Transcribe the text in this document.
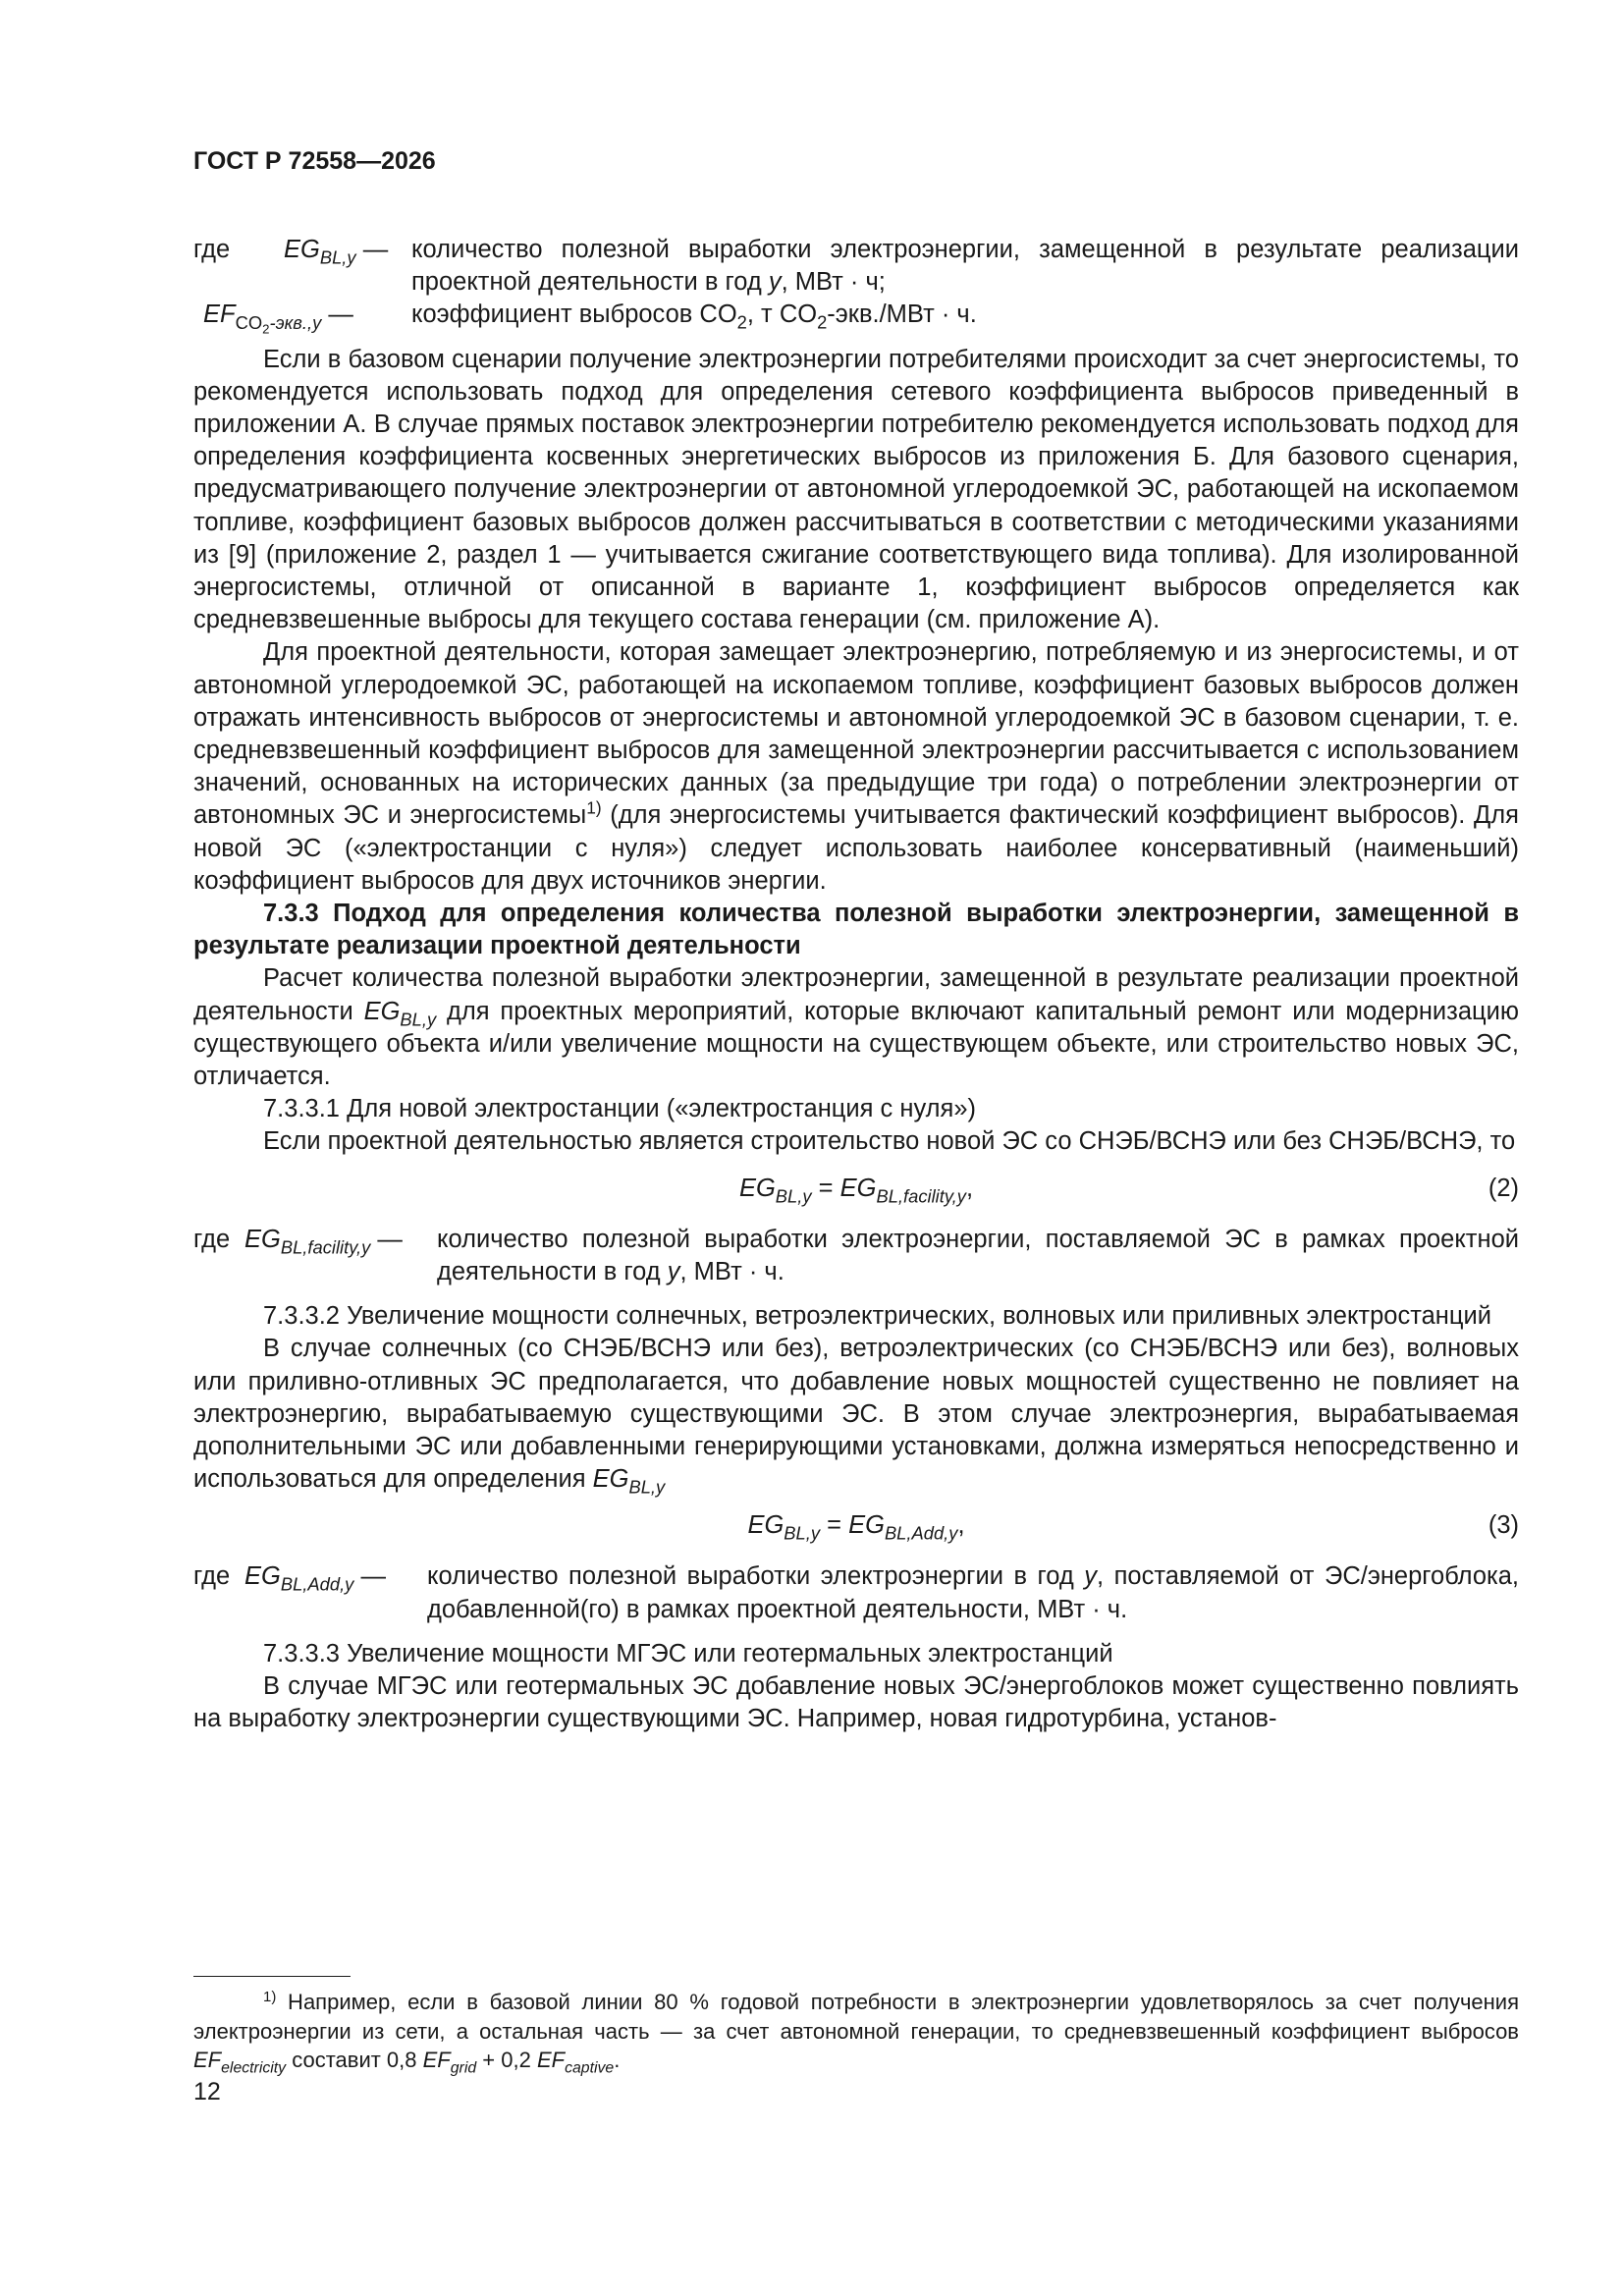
ГОСТ Р 72558—2026
где	$EG_{BL,y}$ — количество полезной выработки электроэнергии, замещенной в результате реализации проектной деятельности в год y, МВт · ч;
$EF_{CO_2-экв.,y}$ —	коэффициент выбросов $CO_2$, т $CO_2-экв$./МВт · ч.

Если в базовом сценарии получение электроэнергии потребителями происходит за счет энергосистемы, то рекомендуется использовать подход для определения сетевого коэффициента выбросов приведенный в приложении А. В случае прямых поставок электроэнергии потребителю рекомендуется использовать подход для определения коэффициента косвенных энергетических выбросов из приложения Б. Для базового сценария, предусматривающего получение электроэнергии от автономной углеродоемкой ЭС, работающей на ископаемом топливе, коэффициент базовых выбросов должен рассчитываться в соответствии с методическими указаниями из [9] (приложение 2, раздел 1 — учитывается сжигание соответствующего вида топлива). Для изолированной энергосистемы, отличной от описанной в варианте 1, коэффициент выбросов определяется как средневзвешенные выбросы для текущего состава генерации (см. приложение А).

Для проектной деятельности, которая замещает электроэнергию, потребляемую и из энергосистемы, и от автономной углеродоемкой ЭС, работающей на ископаемом топливе, коэффициент базовых выбросов должен отражать интенсивность выбросов от энергосистемы и автономной углеродоемкой ЭС в базовом сценарии, т. е. средневзвешенный коэффициент выбросов для замещенной электроэнергии рассчитывается с использованием значений, основанных на исторических данных (за предыдущие три года) о потреблении электроэнергии от автономных ЭС и энергосистемы$^{1)}$ (для энергосистемы учитывается фактический коэффициент выбросов). Для новой ЭС («электростанции с нуля») следует использовать наиболее консервативный (наименьший) коэффициент выбросов для двух источников энергии.

7.3.3 Подход для определения количества полезной выработки электроэнергии, замещенной в результате реализации проектной деятельности

Расчет количества полезной выработки электроэнергии, замещенной в результате реализации проектной деятельности $EG_{BL,y}$ для проектных мероприятий, которые включают капитальный ремонт или модернизацию существующего объекта и/или увеличение мощности на существующем объекте, или строительство новых ЭС, отличается.

7.3.3.1 Для новой электростанции («электростанция с нуля»)

Если проектной деятельностью является строительство новой ЭС со СНЭБ/ВСНЭ или без СНЭБ/ВСНЭ, то

$EG_{BL,y} = EG_{BL,facility,y}$,	(2)
где $EG_{BL,facility,y}$ —	количество полезной выработки электроэнергии, поставляемой ЭС в рамках проектной деятельности в год y, МВт · ч.

7.3.3.2 Увеличение мощности солнечных, ветроэлектрических, волновых или приливных электростанций

В случае солнечных (со СНЭБ/ВСНЭ или без), ветроэлектрических (со СНЭБ/ВСНЭ или без), волновых или приливно-отливных ЭС предполагается, что добавление новых мощностей существенно не повлияет на электроэнергию, вырабатываемую существующими ЭС. В этом случае электроэнергия, вырабатываемая дополнительными ЭС или добавленными генерирующими установками, должна измеряться непосредственно и использоваться для определения $EG_{BL,y}$

$EG_{BL,y} = EG_{BL,Add,y}$,	(3)
где $EG_{BL,Add,y}$ —	количество полезной выработки электроэнергии в год y, поставляемой от ЭС/энергоблока, добавленной(го) в рамках проектной деятельности, МВт · ч.

7.3.3.3 Увеличение мощности МГЭС или геотермальных электростанций

В случае МГЭС или геотермальных ЭС добавление новых ЭС/энергоблоков может существенно повлиять на выработку электроэнергии существующими ЭС. Например, новая гидротурбина, установ-

$^{1)}$ Например, если в базовой линии 80 % годовой потребности в электроэнергии удовлетворялось за счет получения электроэнергии из сети, а остальная часть — за счет автономной генерации, то средневзвешенный коэффициент выбросов $EF_{electricity}$ составит 0,8 $EF_{grid} + 0,2$ $EF_{captive}$.

12
